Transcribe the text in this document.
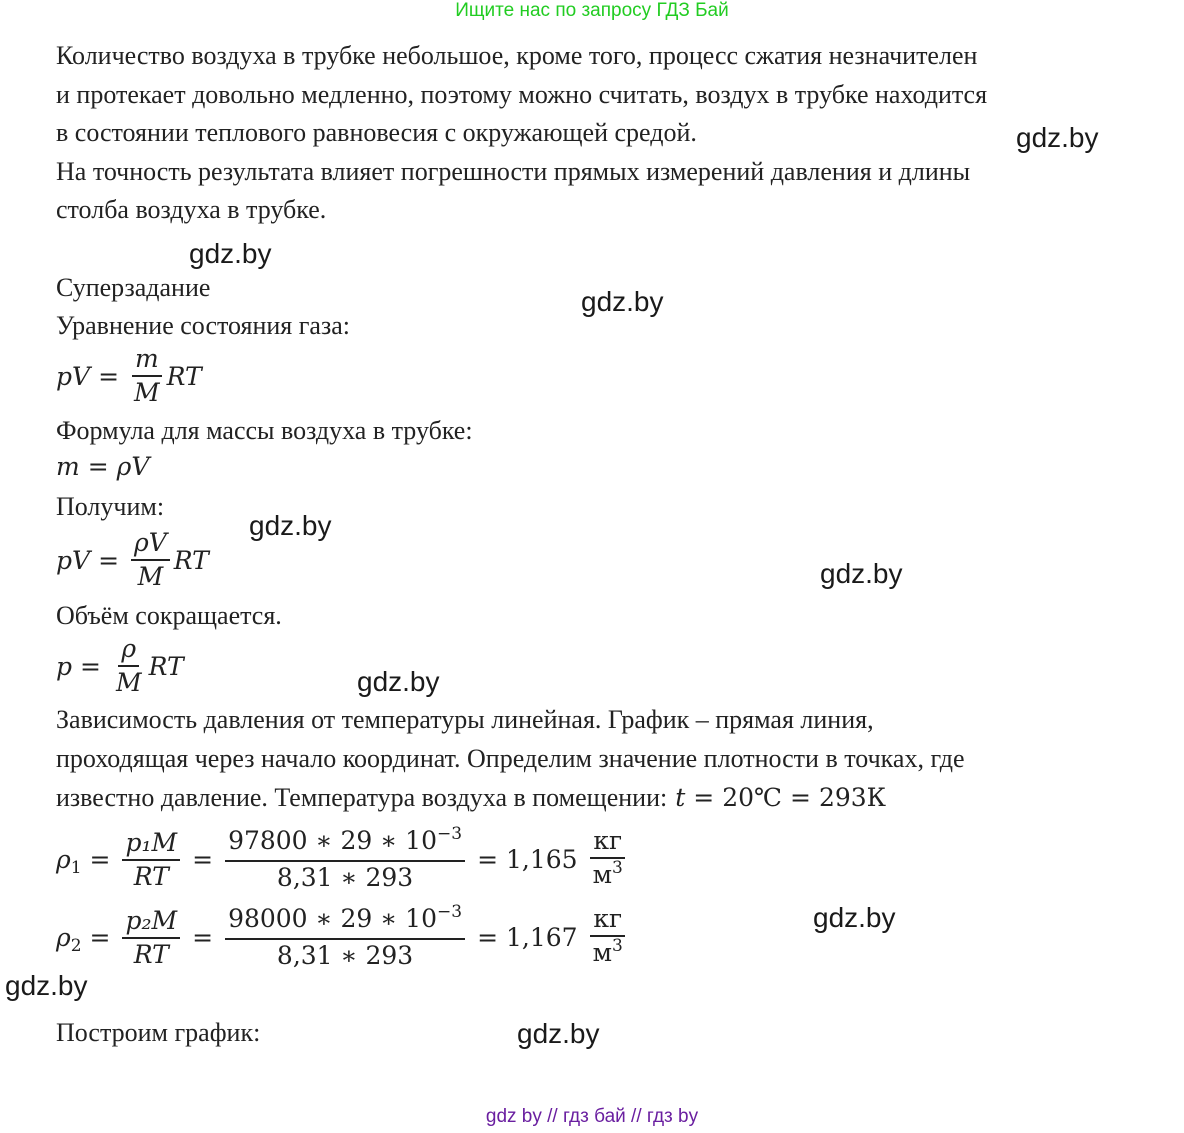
Ищите нас по запросу ГДЗ Бай
Количество воздуха в трубке небольшое, кроме того, процесс сжатия незначителен
и протекает довольно медленно, поэтому можно считать, воздух в трубке находится
в состоянии теплового равновесия с окружающей средой.
На точность результата влияет погрешности прямых измерений давления и длины
столба воздуха в трубке.
Суперзадание
Уравнение состояния газа:
pV = $\frac{m}{M}$ RT
Формула для массы воздуха в трубке:
m = ρV
Получим:
pV = $\frac{\rho V}{M}$ RT
Объём сокращается.
$p = \frac{\rho}{M}$ RT
Зависимость давления от температуры линейная. График – прямая линия,
проходящая через начало координат. Определим значение плотности в точках, где
известно давление. Температура воздуха в помещении: t = 20℃ = 293К
ρ $1 = \frac{\text{p₁M}}{RT} = \frac{97800 ∗ 29 ∗ 10^{-3}}{8,31 ∗ 293} = 1,165 \frac{кг}{м^3}$
ρ $2 = \frac{\text{p₂M}}{RT} = \frac{98000 ∗ 29 ∗ 10^{-3}}{8,31 ∗ 293} = 1,167 \frac{кг}{м^3}$
Построим график:
gdz.by
gdz.by
gdz.by
gdz.by
gdz.by
gdz.by
gdz.by
gdz.by
gdz.by
gdz by // гдз бай // гдз by
